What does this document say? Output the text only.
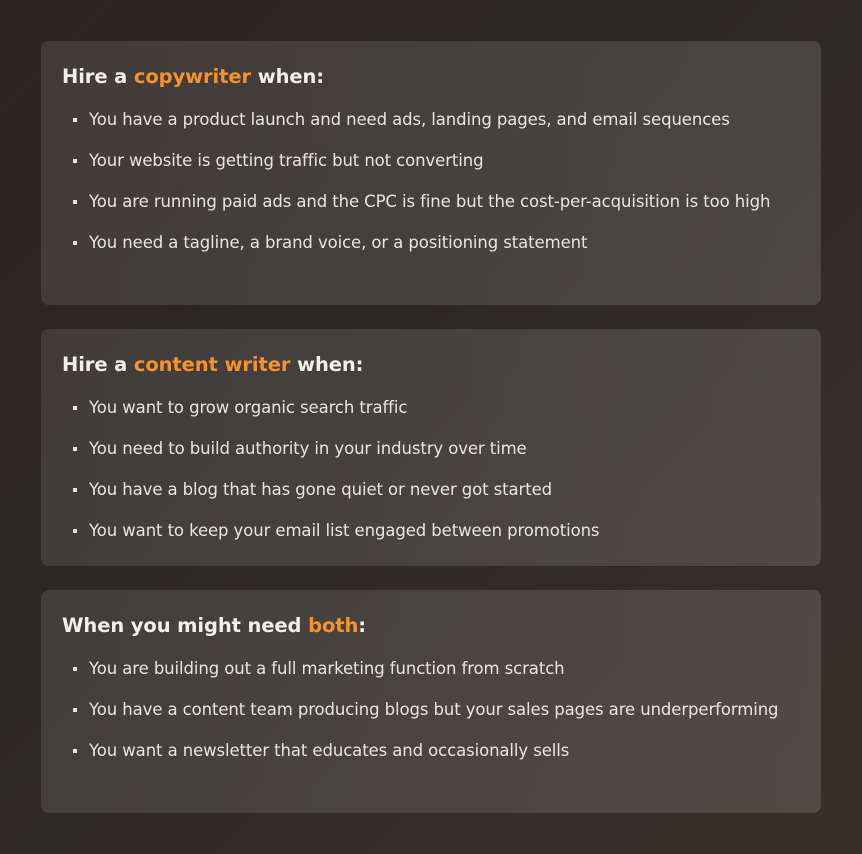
Hire a copywriter when:
You have a product launch and need ads, landing pages, and email sequences
Your website is getting traffic but not converting
You are running paid ads and the CPC is fine but the cost-per-acquisition is too high
You need a tagline, a brand voice, or a positioning statement
Hire a content writer when:
You want to grow organic search traffic
You need to build authority in your industry over time
You have a blog that has gone quiet or never got started
You want to keep your email list engaged between promotions
When you might need both:
You are building out a full marketing function from scratch
You have a content team producing blogs but your sales pages are underperforming
You want a newsletter that educates and occasionally sells
